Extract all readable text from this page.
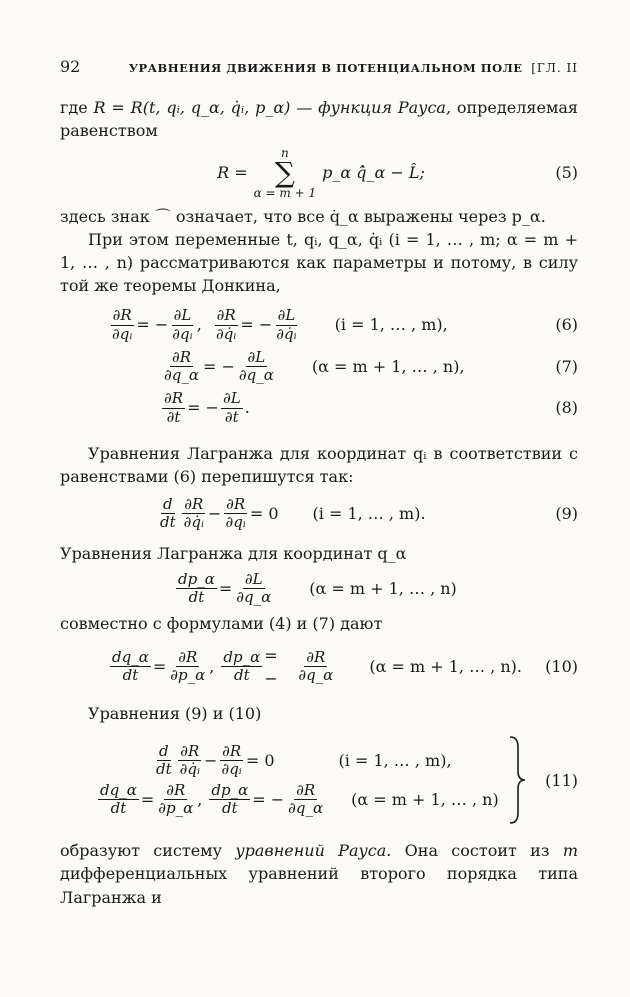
92	УРАВНЕНИЯ ДВИЖЕНИЯ В ПОТЕНЦИАЛЬНОМ ПОЛЕ [ГЛ. II

где R = R(t, qᵢ, q_α, q̇ᵢ, p_α) — функция Рауса, определяемая равенством

R =
n
∑
α = m + 1
p_α q̇̂_α − L̂;	(5)

здесь знак ⌒ означает, что все q̇_α выражены через p_α.

При этом переменные t, qᵢ, q_α, q̇ᵢ (i = 1, … , m; α = m + 1, … , n) рассматриваются как параметры и потому, в силу той же теоремы Донкина,

$\frac{\partial R}{\text{∂qᵢ}}$ = − $\frac{\partial L}{\text{∂qᵢ}}$ , $\frac{\partial R}{\text{∂q̇ᵢ}}$ = − $\frac{\partial L}{\text{∂q̇ᵢ}} (i = 1$, … , m),	(6)
$\frac{\partial R}{\partial q\_\alpha}$ = − $\frac{\partial L}{\partial q\_\alpha} (\alpha = m + 1$, … , n),	(7)
$\frac{\partial R}{\partial t}$ = − $\frac{\partial L}{\partial t}$ .	(8)

Уравнения Лагранжа для координат qᵢ в соответствии с равенствами (6) перепишутся так:

$\frac{d}{dt} \frac{\partial R}{\text{∂q̇ᵢ}} - \frac{\partial R}{\text{∂qᵢ}} = 0$ (i = 1, … , m).	(9)

Уравнения Лагранжа для координат q_α

$\frac{dp\_\alpha}{dt} = \frac{\partial L}{\partial q\_\alpha} (\alpha = m + 1$, … , n)

совместно с формулами (4) и (7) дают

$\frac{dq\_\alpha}{dt} = \frac{\partial R}{\partial p\_\alpha}$ , $\frac{dp\_\alpha}{dt}$ = − $\frac{\partial R}{\partial q\_\alpha} (\alpha = m + 1$, … , n).	(10)

Уравнения (9) и (10)

$\frac{d}{dt} \frac{\partial R}{\text{∂q̇ᵢ}} - \frac{\partial R}{\text{∂qᵢ}} = 0$	(i = 1, … , m),
$\frac{dq\_\alpha}{dt} = \frac{\partial R}{\partial p\_\alpha}$ , $\frac{dp\_\alpha}{dt}$ = − $\frac{\partial R}{\partial q\_\alpha} (\alpha = m + 1$, … , n)
(11)

образуют систему уравнений Рауса. Она состоит из m дифференциальных уравнений второго порядка типа Лагранжа и
